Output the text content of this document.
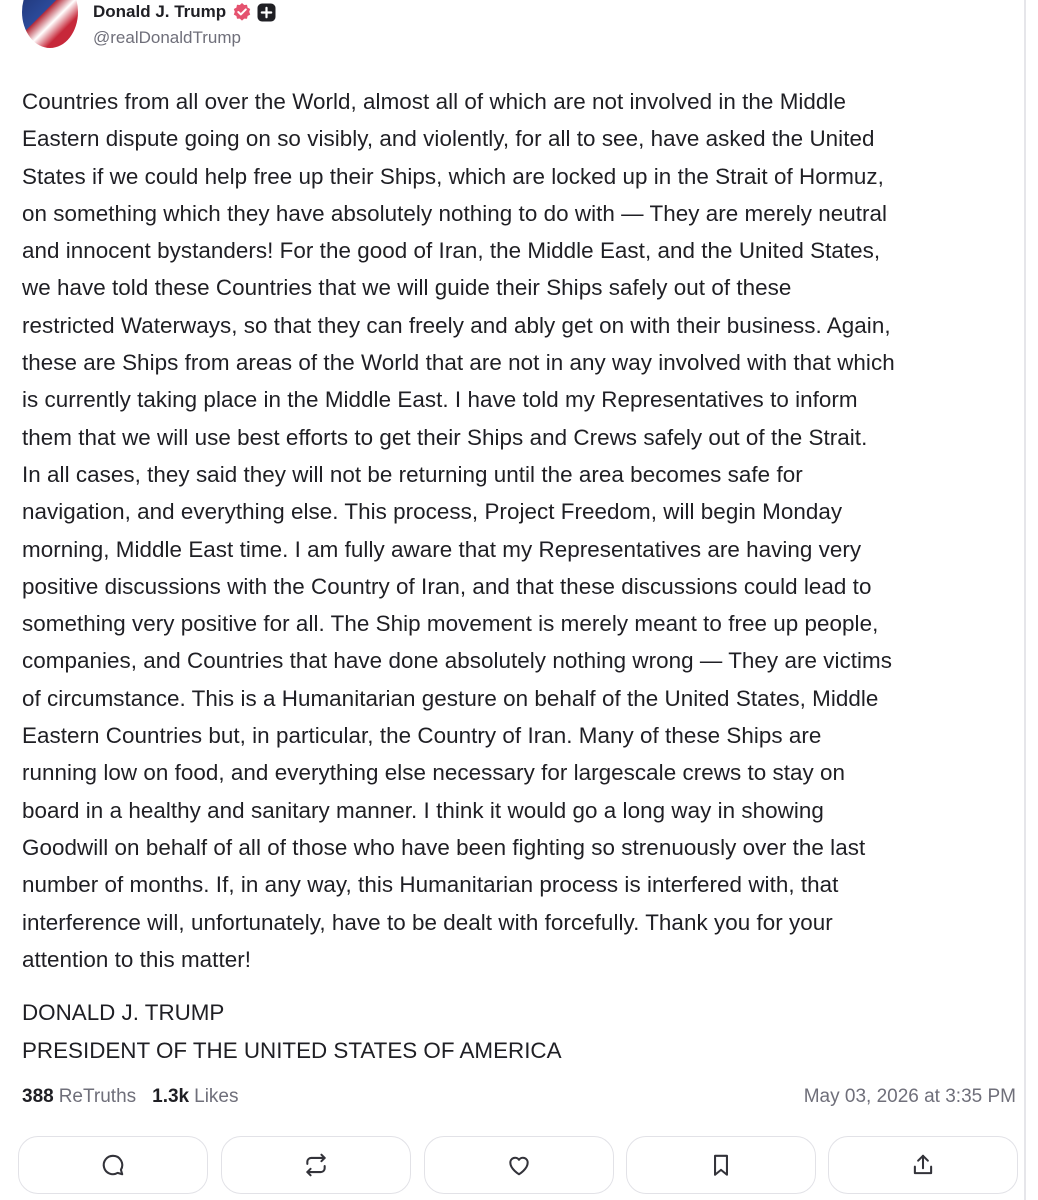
Donald J. Trump
@realDonaldTrump
Countries from all over the World, almost all of which are not involved in the Middle
Eastern dispute going on so visibly, and violently, for all to see, have asked the United
States if we could help free up their Ships, which are locked up in the Strait of Hormuz,
on something which they have absolutely nothing to do with — They are merely neutral
and innocent bystanders! For the good of Iran, the Middle East, and the United States,
we have told these Countries that we will guide their Ships safely out of these
restricted Waterways, so that they can freely and ably get on with their business. Again,
these are Ships from areas of the World that are not in any way involved with that which
is currently taking place in the Middle East. I have told my Representatives to inform
them that we will use best efforts to get their Ships and Crews safely out of the Strait.
In all cases, they said they will not be returning until the area becomes safe for
navigation, and everything else. This process, Project Freedom, will begin Monday
morning, Middle East time. I am fully aware that my Representatives are having very
positive discussions with the Country of Iran, and that these discussions could lead to
something very positive for all. The Ship movement is merely meant to free up people,
companies, and Countries that have done absolutely nothing wrong — They are victims
of circumstance. This is a Humanitarian gesture on behalf of the United States, Middle
Eastern Countries but, in particular, the Country of Iran. Many of these Ships are
running low on food, and everything else necessary for largescale crews to stay on
board in a healthy and sanitary manner. I think it would go a long way in showing
Goodwill on behalf of all of those who have been fighting so strenuously over the last
number of months. If, in any way, this Humanitarian process is interfered with, that
interference will, unfortunately, have to be dealt with forcefully. Thank you for your
attention to this matter!
DONALD J. TRUMP
PRESIDENT OF THE UNITED STATES OF AMERICA
388 ReTruths 1.3k Likes	May 03, 2026 at 3:35 PM
